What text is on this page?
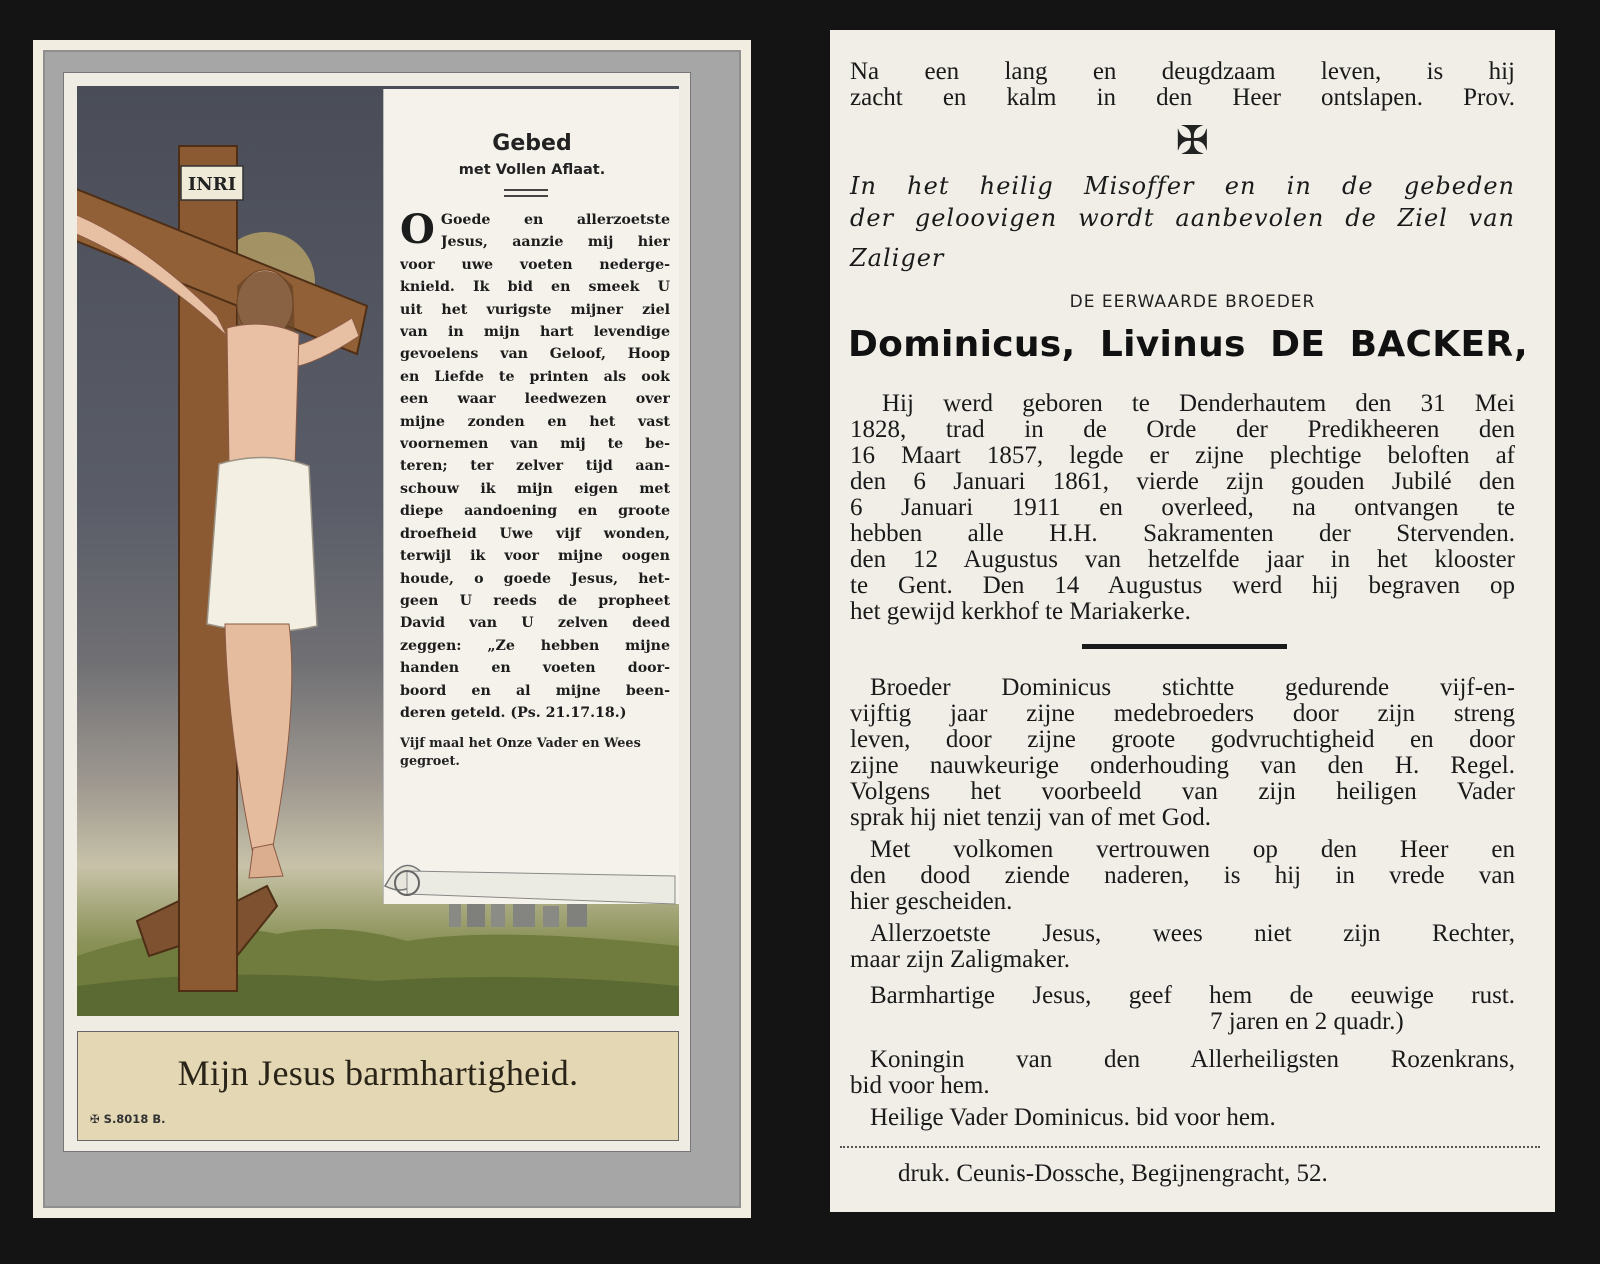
INRI
Gebed
met Vollen Aflaat.
O Goede en allerzoetste
Jesus, aanzie mij hier
voor uwe voeten nederge-
knield. Ik bid en smeek U
uit het vurigste mijner ziel
van in mijn hart levendige
gevoelens van Geloof, Hoop
en Liefde te printen als ook
een waar leedwezen over
mijne zonden en het vast
voornemen van mij te be-
teren; ter zelver tijd aan-
schouw ik mijn eigen met
diepe aandoening en groote
droefheid Uwe vijf wonden,
terwijl ik voor mijne oogen
houde, o goede Jesus, het-
geen U reeds de propheet
David van U zelven deed
zeggen: „Ze hebben mijne
handen en voeten door-
boord en al mijne been-
deren geteld. (Ps. 21.17.18.)
Vijf maal het Onze Vader en Wees gegroet.
Mijn Jesus barmhartigheid.
✠ S.8018 B.
Na een lang en deugdzaam leven, is hij
zacht en kalm in den Heer ontslapen. Prov.
✠
In het heilig Misoffer en in de gebeden
der geloovigen wordt aanbevolen de Ziel van
Zaliger
DE EERWAARDE BROEDER
Dominicus, Livinus DE BACKER,
druk. Ceunis-Dossche, Begijnengracht, 52.
Hij werd geboren te Denderhautem den 31 Mei
1828, trad in de Orde der Predikheeren den
16 Maart 1857, legde er zijne plechtige beloften af
den 6 Januari 1861, vierde zijn gouden Jubilé den
6 Januari 1911 en overleed, na ontvangen te
hebben alle H.H. Sakramenten der Stervenden.
den 12 Augustus van hetzelfde jaar in het klooster
te Gent. Den 14 Augustus werd hij begraven op
het gewijd kerkhof te Mariakerke.
Broeder Dominicus stichtte gedurende vijf-en-
vijftig jaar zijne medebroeders door zijn streng
leven, door zijne groote godvruchtigheid en door
zijne nauwkeurige onderhouding van den H. Regel.
Volgens het voorbeeld van zijn heiligen Vader
sprak hij niet tenzij van of met God.
Met volkomen vertrouwen op den Heer en
den dood ziende naderen, is hij in vrede van
hier gescheiden.
Allerzoetste Jesus, wees niet zijn Rechter,
maar zijn Zaligmaker.
Barmhartige Jesus, geef hem de eeuwige rust.
7 jaren en 2 quadr.)
Koningin van den Allerheiligsten Rozenkrans,
bid voor hem.
Heilige Vader Dominicus. bid voor hem.
